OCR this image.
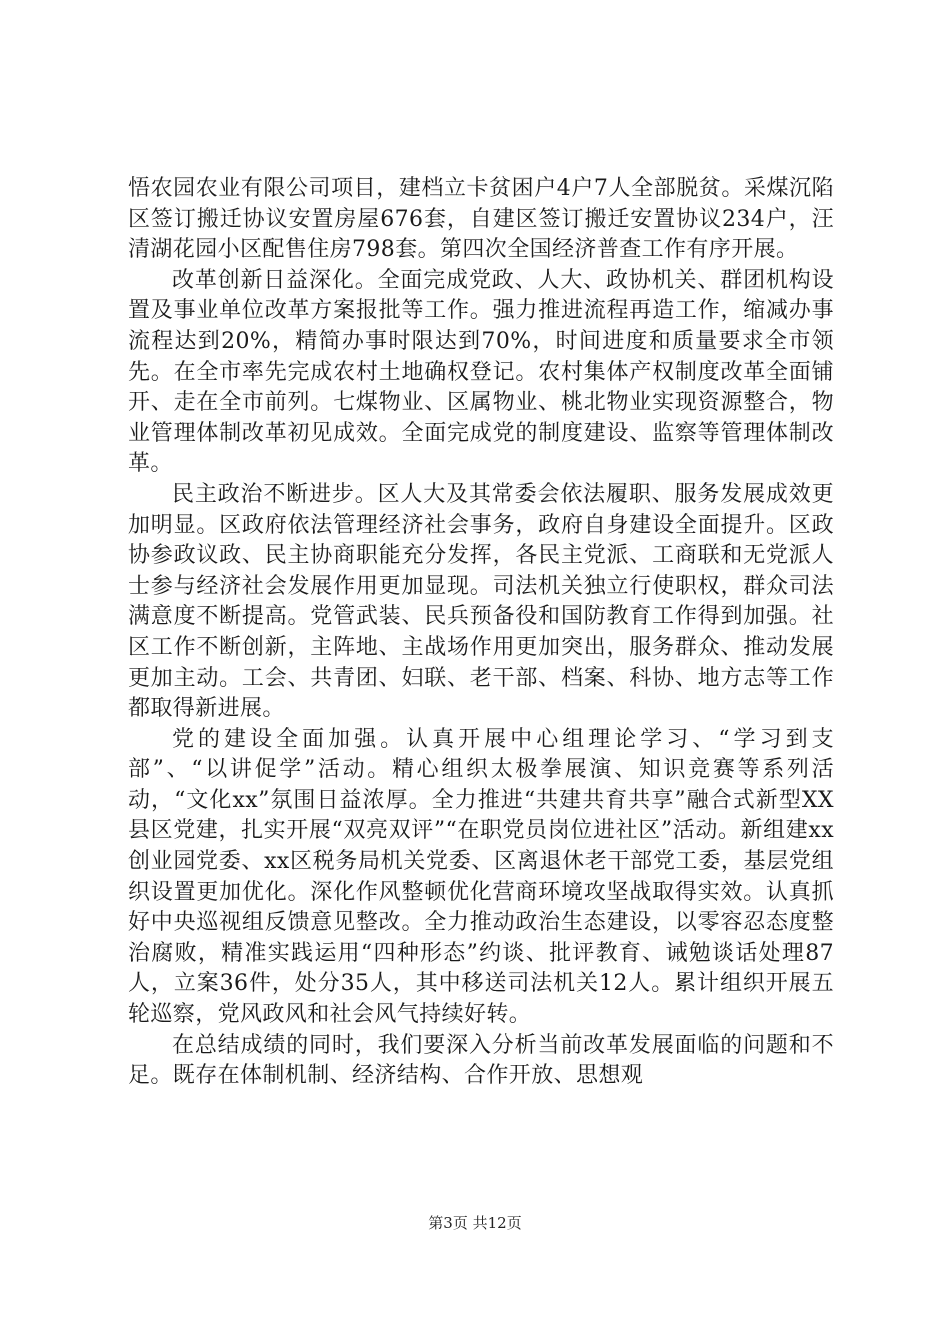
悟农园农业有限公司项目，建档立卡贫困户4户7人全部脱贫。采煤沉陷区签订搬迁协议安置房屋676套，自建区签订搬迁安置协议234户，汪清湖花园小区配售住房798套。第四次全国经济普查工作有序开展。

改革创新日益深化。全面完成党政、人大、政协机关、群团机构设置及事业单位改革方案报批等工作。强力推进流程再造工作，缩减办事流程达到20%，精简办事时限达到70%，时间进度和质量要求全市领先。在全市率先完成农村土地确权登记。农村集体产权制度改革全面铺开、走在全市前列。七煤物业、区属物业、桃北物业实现资源整合，物业管理体制改革初见成效。全面完成党的制度建设、监察等管理体制改革。

民主政治不断进步。区人大及其常委会依法履职、服务发展成效更加明显。区政府依法管理经济社会事务，政府自身建设全面提升。区政协参政议政、民主协商职能充分发挥，各民主党派、工商联和无党派人士参与经济社会发展作用更加显现。司法机关独立行使职权，群众司法满意度不断提高。党管武装、民兵预备役和国防教育工作得到加强。社区工作不断创新，主阵地、主战场作用更加突出，服务群众、推动发展更加主动。工会、共青团、妇联、老干部、档案、科协、地方志等工作都取得新进展。

党的建设全面加强。认真开展中心组理论学习、“学习到支部”、“以讲促学”活动。精心组织太极拳展演、知识竞赛等系列活动，“文化xx”氛围日益浓厚。全力推进“共建共育共享”融合式新型XX县区党建，扎实开展“双亮双评”“在职党员岗位进社区”活动。新组建xx创业园党委、xx区税务局机关党委、区离退休老干部党工委，基层党组织设置更加优化。深化作风整顿优化营商环境攻坚战取得实效。认真抓好中央巡视组反馈意见整改。全力推动政治生态建设，以零容忍态度整治腐败，精准实践运用“四种形态”约谈、批评教育、诫勉谈话处理87人，立案36件，处分35人，其中移送司法机关12人。累计组织开展五轮巡察，党风政风和社会风气持续好转。

在总结成绩的同时，我们要深入分析当前改革发展面临的问题和不足。既存在体制机制、经济结构、合作开放、思想观

第3页 共12页
